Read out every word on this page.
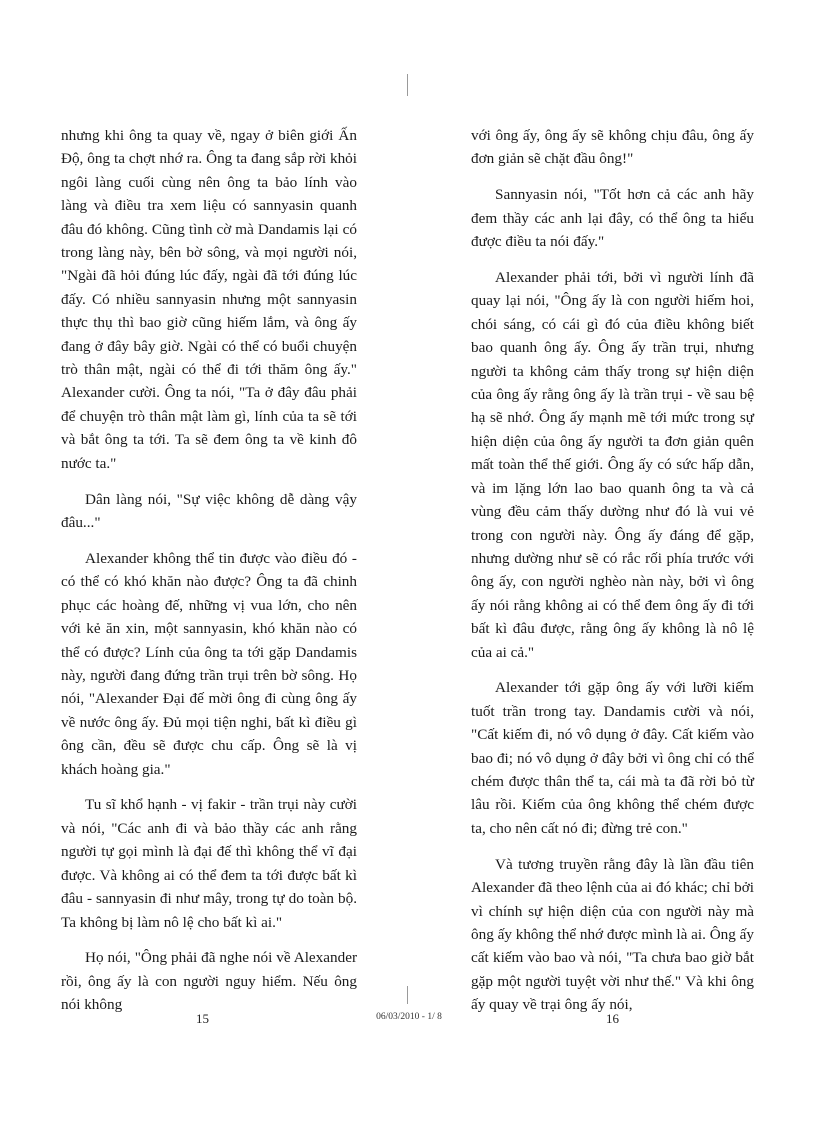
nhưng khi ông ta quay về, ngay ở biên giới Ấn Độ, ông ta chợt nhớ ra. Ông ta đang sắp rời khỏi ngôi làng cuối cùng nên ông ta bảo lính vào làng và điều tra xem liệu có sannyasin quanh đâu đó không. Cũng tình cờ mà Dandamis lại có trong làng này, bên bờ sông, và mọi người nói, "Ngài đã hỏi đúng lúc đấy, ngài đã tới đúng lúc đấy. Có nhiều sannyasin nhưng một sannyasin thực thụ thì bao giờ cũng hiếm lắm, và ông ấy đang ở đây bây giờ. Ngài có thể có buổi chuyện trò thân mật, ngài có thể đi tới thăm ông ấy." Alexander cười. Ông ta nói, "Ta ở đây đâu phải để chuyện trò thân mật làm gì, lính của ta sẽ tới và bắt ông ta tới. Ta sẽ đem ông ta về kinh đô nước ta."

Dân làng nói, "Sự việc không dễ dàng vậy đâu..."

Alexander không thể tin được vào điều đó - có thể có khó khăn nào được? Ông ta đã chinh phục các hoàng đế, những vị vua lớn, cho nên với kẻ ăn xin, một sannyasin, khó khăn nào có thể có được? Lính của ông ta tới gặp Dandamis này, người đang đứng trần trụi trên bờ sông. Họ nói, "Alexander Đại đế mời ông đi cùng ông ấy về nước ông ấy. Đủ mọi tiện nghi, bất kì điều gì ông cần, đều sẽ được chu cấp. Ông sẽ là vị khách hoàng gia."

Tu sĩ khổ hạnh - vị fakir - trần trụi này cười và nói, "Các anh đi và bảo thầy các anh rằng người tự gọi mình là đại đế thì không thể vĩ đại được. Và không ai có thể đem ta tới được bất kì đâu - sannyasin đi như mây, trong tự do toàn bộ. Ta không bị làm nô lệ cho bất kì ai."

Họ nói, "Ông phải đã nghe nói về Alexander rồi, ông ấy là con người nguy hiểm. Nếu ông nói không

với ông ấy, ông ấy sẽ không chịu đâu, ông ấy đơn giản sẽ chặt đầu ông!"

Sannyasin nói, "Tốt hơn cả các anh hãy đem thầy các anh lại đây, có thể ông ta hiểu được điều ta nói đấy."

Alexander phải tới, bởi vì người lính đã quay lại nói, "Ông ấy là con người hiếm hoi, chói sáng, có cái gì đó của điều không biết bao quanh ông ấy. Ông ấy trần trụi, nhưng người ta không cảm thấy trong sự hiện diện của ông ấy rằng ông ấy là trần trụi - về sau bệ hạ sẽ nhớ. Ông ấy mạnh mẽ tới mức trong sự hiện diện của ông ấy người ta đơn giản quên mất toàn thể thế giới. Ông ấy có sức hấp dẫn, và im lặng lớn lao bao quanh ông ta và cả vùng đều cảm thấy dường như đó là vui vẻ trong con người này. Ông ấy đáng để gặp, nhưng dường như sẽ có rắc rối phía trước với ông ấy, con người nghèo nàn này, bởi vì ông ấy nói rằng không ai có thể đem ông ấy đi tới bất kì đâu được, rằng ông ấy không là nô lệ của ai cả."

Alexander tới gặp ông ấy với lưỡi kiếm tuốt trần trong tay. Dandamis cười và nói, "Cất kiếm đi, nó vô dụng ở đây. Cất kiếm vào bao đi; nó vô dụng ở đây bởi vì ông chỉ có thể chém được thân thể ta, cái mà ta đã rời bỏ từ lâu rồi. Kiếm của ông không thể chém được ta, cho nên cất nó đi; đừng trẻ con."

Và tương truyền rằng đây là lần đầu tiên Alexander đã theo lệnh của ai đó khác; chỉ bởi vì chính sự hiện diện của con người này mà ông ấy không thể nhớ được mình là ai. Ông ấy cất kiếm vào bao và nói, "Ta chưa bao giờ bắt gặp một người tuyệt vời như thế." Và khi ông ấy quay về trại ông ấy nói,

15	06/03/2010 - 1/ 8	16
